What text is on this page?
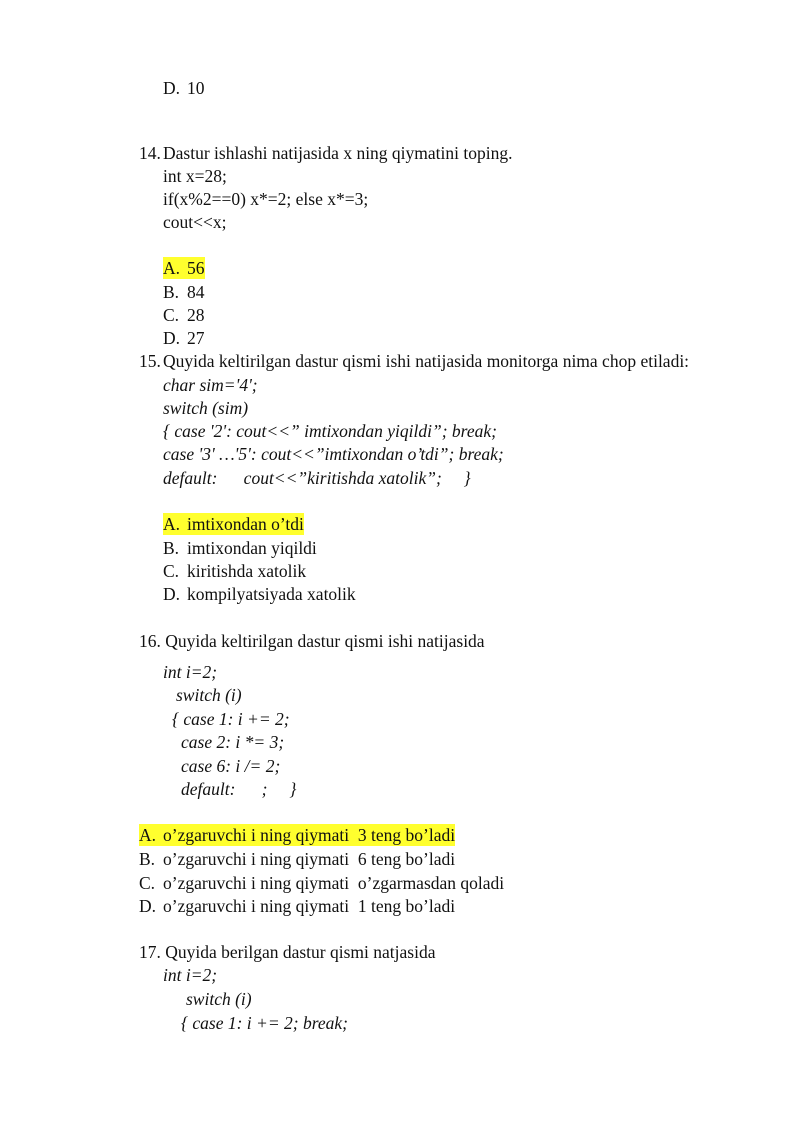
D. 10
14. Dastur ishlashi natijasida x ning qiymatini toping.
int x=28;
if(x%2==0) x*=2; else x*=3;
cout<<x;
A. 56
B. 84
C. 28
D. 27
15. Quyida keltirilgan dastur qismi ishi natijasida monitorga nima chop etiladi:
char sim='4';
switch (sim)
{ case '2': cout<<” imtixondan yiqildi”; break;
case '3' …'5': cout<<”imtixondan o’tdi”; break;
default:      cout<<”kiritishda xatolik”;     }
A. imtixondan o’tdi
B. imtixondan yiqildi
C. kiritishda xatolik
D. kompilyatsiyada xatolik
16. Quyida keltirilgan dastur qismi ishi natijasida
int i=2;
switch (i)
{ case 1: i += 2;
case 2: i *= 3;
case 6: i /= 2;
default:      ;     }
A. o’zgaruvchi i ning qiymati  3 teng bo’ladi
B. o’zgaruvchi i ning qiymati  6 teng bo’ladi
C. o’zgaruvchi i ning qiymati  o’zgarmasdan qoladi
D. o’zgaruvchi i ning qiymati  1 teng bo’ladi
17. Quyida berilgan dastur qismi natjasida
int i=2;
switch (i)
{ case 1: i += 2; break;
